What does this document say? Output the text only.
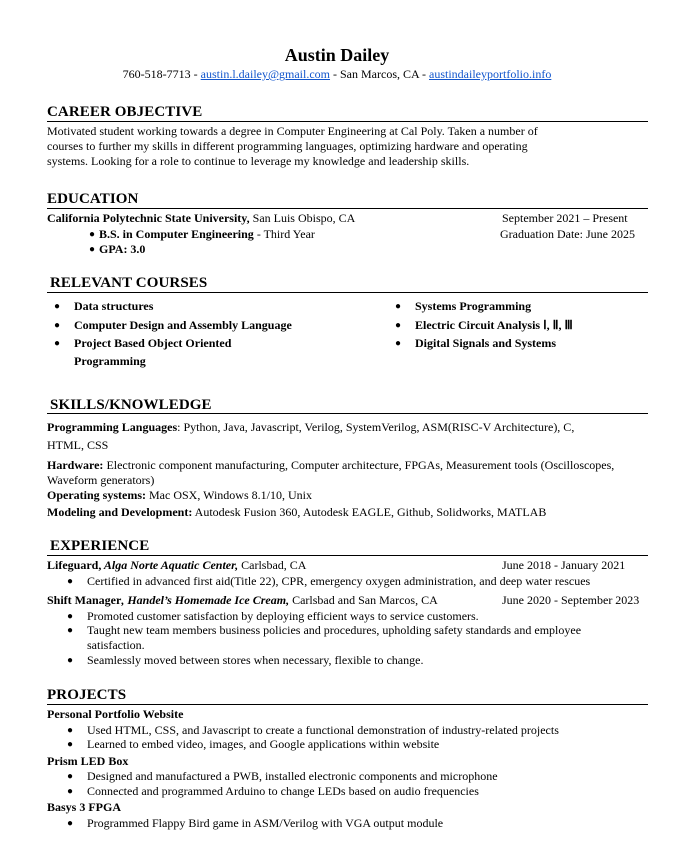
Austin Dailey
760-518-7713 - austin.l.dailey@gmail.com - San Marcos, CA - austindaileyportfolio.info
CAREER OBJECTIVE
Motivated student working towards a degree in Computer Engineering at Cal Poly. Taken a number of
courses to further my skills in different programming languages, optimizing hardware and operating
systems. Looking for a role to continue to leverage my knowledge and leadership skills.
EDUCATION
California Polytechnic State University, San Luis Obispo, CA	September 2021 – Present
● B.S. in Computer Engineering - Third Year	Graduation Date: June 2025
● GPA: 3.0
RELEVANT COURSES
● Data structures
● Computer Design and Assembly Language
● Project Based Object Oriented
Programming
● Systems Programming
● Electric Circuit Analysis Ⅰ, Ⅱ, Ⅲ
● Digital Signals and Systems
SKILLS/KNOWLEDGE
Programming Languages: Python, Java, Javascript, Verilog, SystemVerilog, ASM(RISC-V Architecture), C,
HTML, CSS
Hardware: Electronic component manufacturing, Computer architecture, FPGAs, Measurement tools (Oscilloscopes,
Waveform generators)
Operating systems: Mac OSX, Windows 8.1/10, Unix
Modeling and Development: Autodesk Fusion 360, Autodesk EAGLE, Github, Solidworks, MATLAB
EXPERIENCE
Lifeguard, Alga Norte Aquatic Center, Carlsbad, CA	June 2018 - January 2021
● Certified in advanced first aid(Title 22), CPR, emergency oxygen administration, and deep water rescues
Shift Manager, Handel’s Homemade Ice Cream, Carlsbad and San Marcos, CA	June 2020 - September 2023
● Promoted customer satisfaction by deploying efficient ways to service customers.
● Taught new team members business policies and procedures, upholding safety standards and employee
satisfaction.
● Seamlessly moved between stores when necessary, flexible to change.
PROJECTS
Personal Portfolio Website
● Used HTML, CSS, and Javascript to create a functional demonstration of industry-related projects
● Learned to embed video, images, and Google applications within website
Prism LED Box
● Designed and manufactured a PWB, installed electronic components and microphone
● Connected and programmed Arduino to change LEDs based on audio frequencies
Basys 3 FPGA
● Programmed Flappy Bird game in ASM/Verilog with VGA output module
